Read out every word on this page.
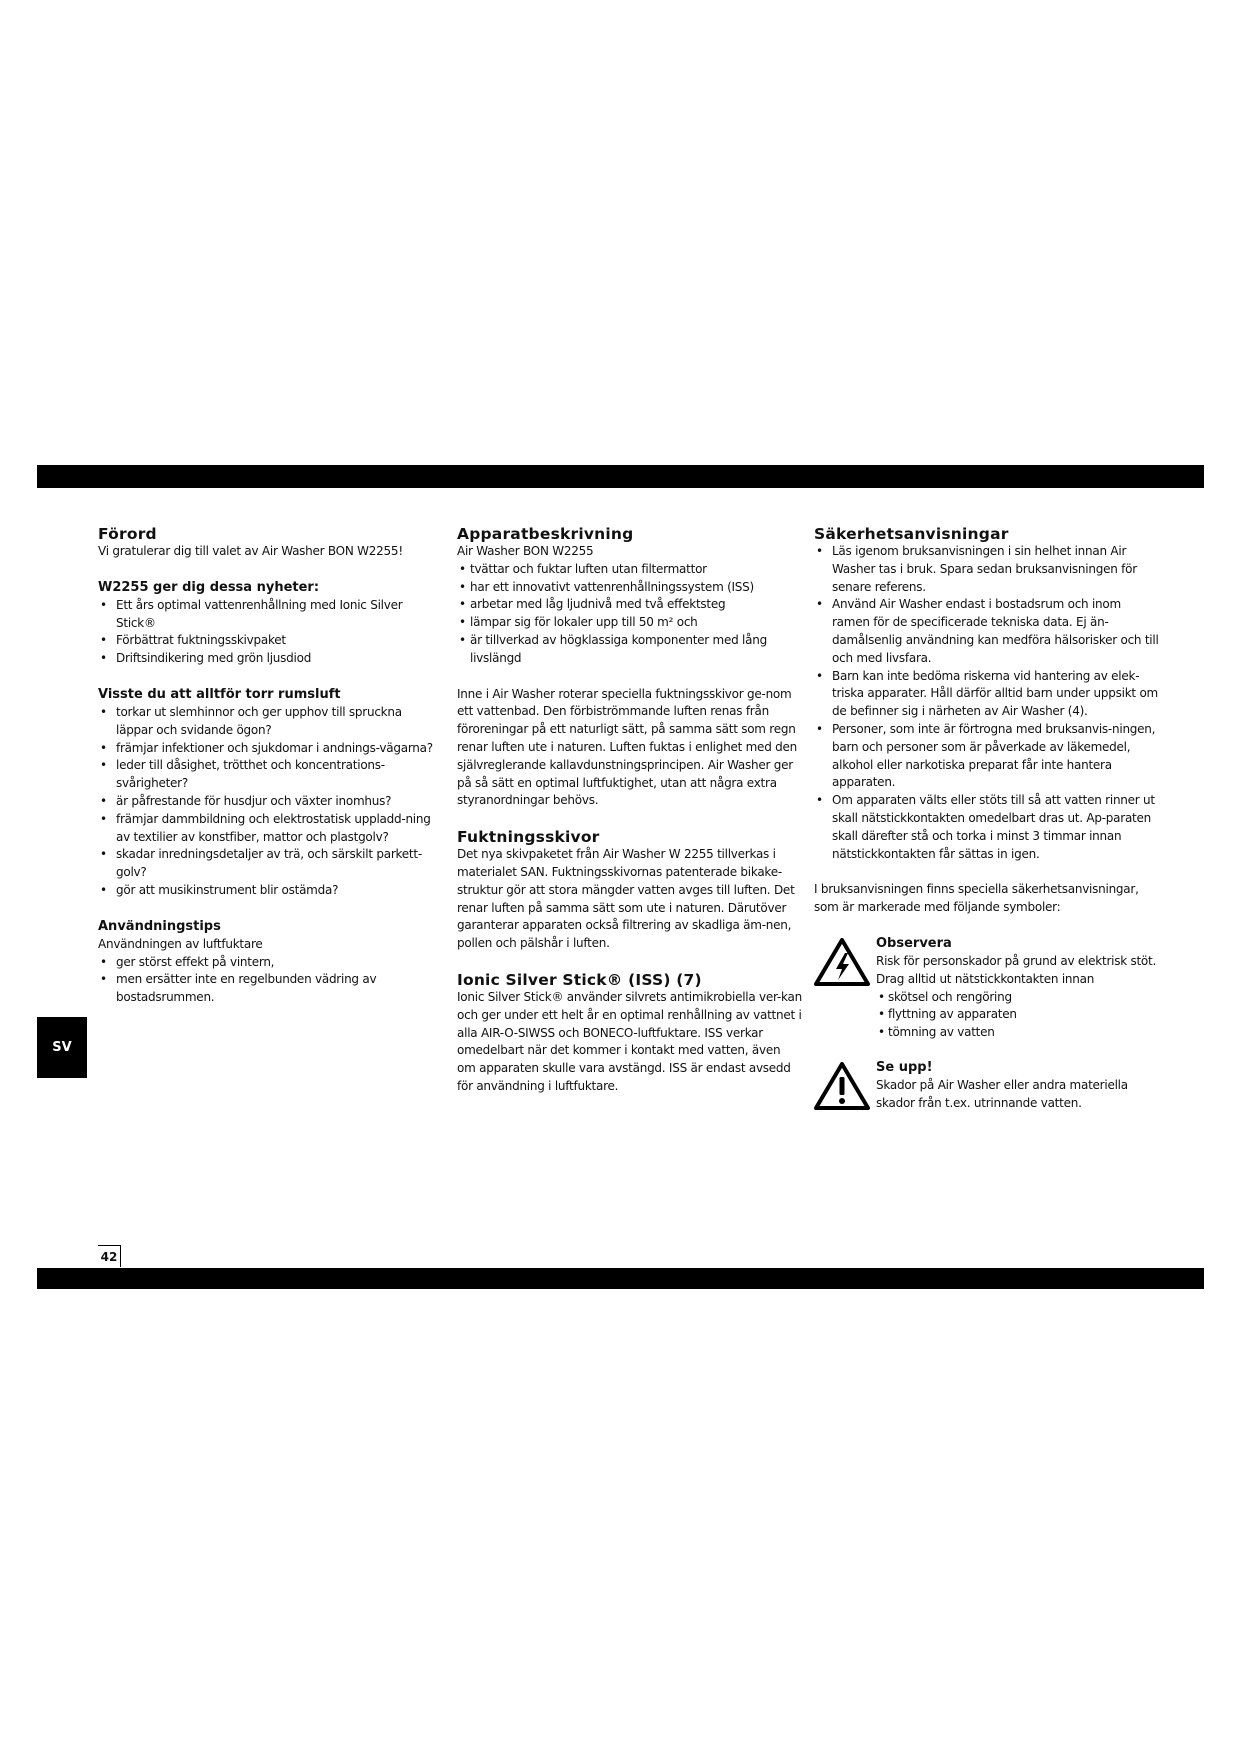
SV
42
Förord

Vi gratulerar dig till valet av Air Washer BON W2255!

W2255 ger dig dessa nyheter:
• Ett års optimal vattenrenhållning med Ionic Silver Stick®
• Förbättrat fuktningsskivpaket
• Driftsindikering med grön ljusdiod
Visste du att alltför torr rumsluft
• torkar ut slemhinnor och ger upphov till spruckna läppar och svidande ögon?
• främjar infektioner och sjukdomar i andnings-vägarna?
• leder till dåsighet, trötthet och koncentrations-svårigheter?
• är påfrestande för husdjur och växter inomhus?
• främjar dammbildning och elektrostatisk uppladd-ning av textilier av konstfiber, mattor och plastgolv?
• skadar inredningsdetaljer av trä, och särskilt parkett-golv?
• gör att musikinstrument blir ostämda?
Användningstips

Användningen av luftfuktare

• ger störst effekt på vintern,
• men ersätter inte en regelbunden vädring av bostadsrummen.
Apparatbeskrivning

Air Washer BON W2255

• tvättar och fuktar luften utan filtermattor
• har ett innovativt vattenrenhållningssystem (ISS)
• arbetar med låg ljudnivå med två effektsteg
• lämpar sig för lokaler upp till 50 m² och
• är tillverkad av högklassiga komponenter med lång livslängd

Inne i Air Washer roterar speciella fuktningsskivor ge-nom ett vattenbad. Den förbiströmmande luften renas från föroreningar på ett naturligt sätt, på samma sätt som regn renar luften ute i naturen. Luften fuktas i enlighet med den självreglerande kallavdunstningsprincipen. Air Washer ger på så sätt en optimal luftfuktighet, utan att några extra styranordningar behövs.

Fuktningsskivor

Det nya skivpaketet från Air Washer W 2255 tillverkas i materialet SAN. Fuktningsskivornas patenterade bikake-struktur gör att stora mängder vatten avges till luften. Det renar luften på samma sätt som ute i naturen. Därutöver garanterar apparaten också filtrering av skadliga äm-nen, pollen och pälshår i luften.

Ionic Silver Stick® (ISS) (7)

Ionic Silver Stick® använder silvrets antimikrobiella ver-kan och ger under ett helt år en optimal renhållning av vattnet i alla AIR-O-SIWSS och BONECO-luftfuktare. ISS verkar omedelbart när det kommer i kontakt med vatten, även om apparaten skulle vara avstängd. ISS är endast avsedd för användning i luftfuktare.

Säkerhetsanvisningar
• Läs igenom bruksanvisningen i sin helhet innan Air Washer tas i bruk. Spara sedan bruksanvisningen för senare referens.
• Använd Air Washer endast i bostadsrum och inom ramen för de specificerade tekniska data. Ej än-damålsenlig användning kan medföra hälsorisker och till och med livsfara.
• Barn kan inte bedöma riskerna vid hantering av elek-triska apparater. Håll därför alltid barn under uppsikt om de befinner sig i närheten av Air Washer (4).
• Personer, som inte är förtrogna med bruksanvis-ningen, barn och personer som är påverkade av läkemedel, alkohol eller narkotiska preparat får inte hantera apparaten.
• Om apparaten välts eller stöts till så att vatten rinner ut skall nätstickkontakten omedelbart dras ut. Ap-paraten skall därefter stå och torka i minst 3 timmar innan nätstickkontakten får sättas in igen.

I bruksanvisningen finns speciella säkerhetsanvisningar, som är markerade med följande symboler:

Observera

Risk för personskador på grund av elektrisk stöt. Drag alltid ut nätstickkontakten innan

• skötsel och rengöring
• flyttning av apparaten
• tömning av vatten
Se upp!

Skador på Air Washer eller andra materiella skador från t.ex. utrinnande vatten.
